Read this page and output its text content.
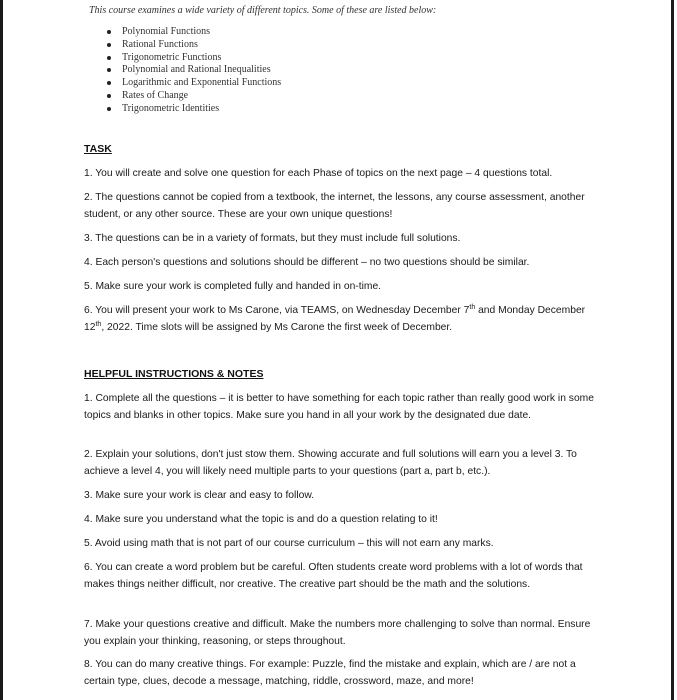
This course examines a wide variety of different topics. Some of these are listed below:
Polynomial Functions
Rational Functions
Trigonometric Functions
Polynomial and Rational Inequalities
Logarithmic and Exponential Functions
Rates of Change
Trigonometric Identities
TASK
1. You will create and solve one question for each Phase of topics on the next page – 4 questions total.
2. The questions cannot be copied from a textbook, the internet, the lessons, any course assessment, another student, or any other source. These are your own unique questions!
3. The questions can be in a variety of formats, but they must include full solutions.
4. Each person's questions and solutions should be different – no two questions should be similar.
5. Make sure your work is completed fully and handed in on-time.
6. You will present your work to Ms Carone, via TEAMS, on Wednesday December 7th and Monday December 12th, 2022. Time slots will be assigned by Ms Carone the first week of December.
HELPFUL INSTRUCTIONS & NOTES
1. Complete all the questions – it is better to have something for each topic rather than really good work in some topics and blanks in other topics. Make sure you hand in all your work by the designated due date.
2. Explain your solutions, don't just stow them. Showing accurate and full solutions will earn you a level 3. To achieve a level 4, you will likely need multiple parts to your questions (part a, part b, etc.).
3. Make sure your work is clear and easy to follow.
4. Make sure you understand what the topic is and do a question relating to it!
5. Avoid using math that is not part of our course curriculum – this will not earn any marks.
6. You can create a word problem but be careful. Often students create word problems with a lot of words that makes things neither difficult, nor creative. The creative part should be the math and the solutions.
7. Make your questions creative and difficult. Make the numbers more challenging to solve than normal. Ensure you explain your thinking, reasoning, or steps throughout.
8. You can do many creative things. For example: Puzzle, find the mistake and explain, which are / are not a certain type, clues, decode a message, matching, riddle, crossword, maze, and more!
